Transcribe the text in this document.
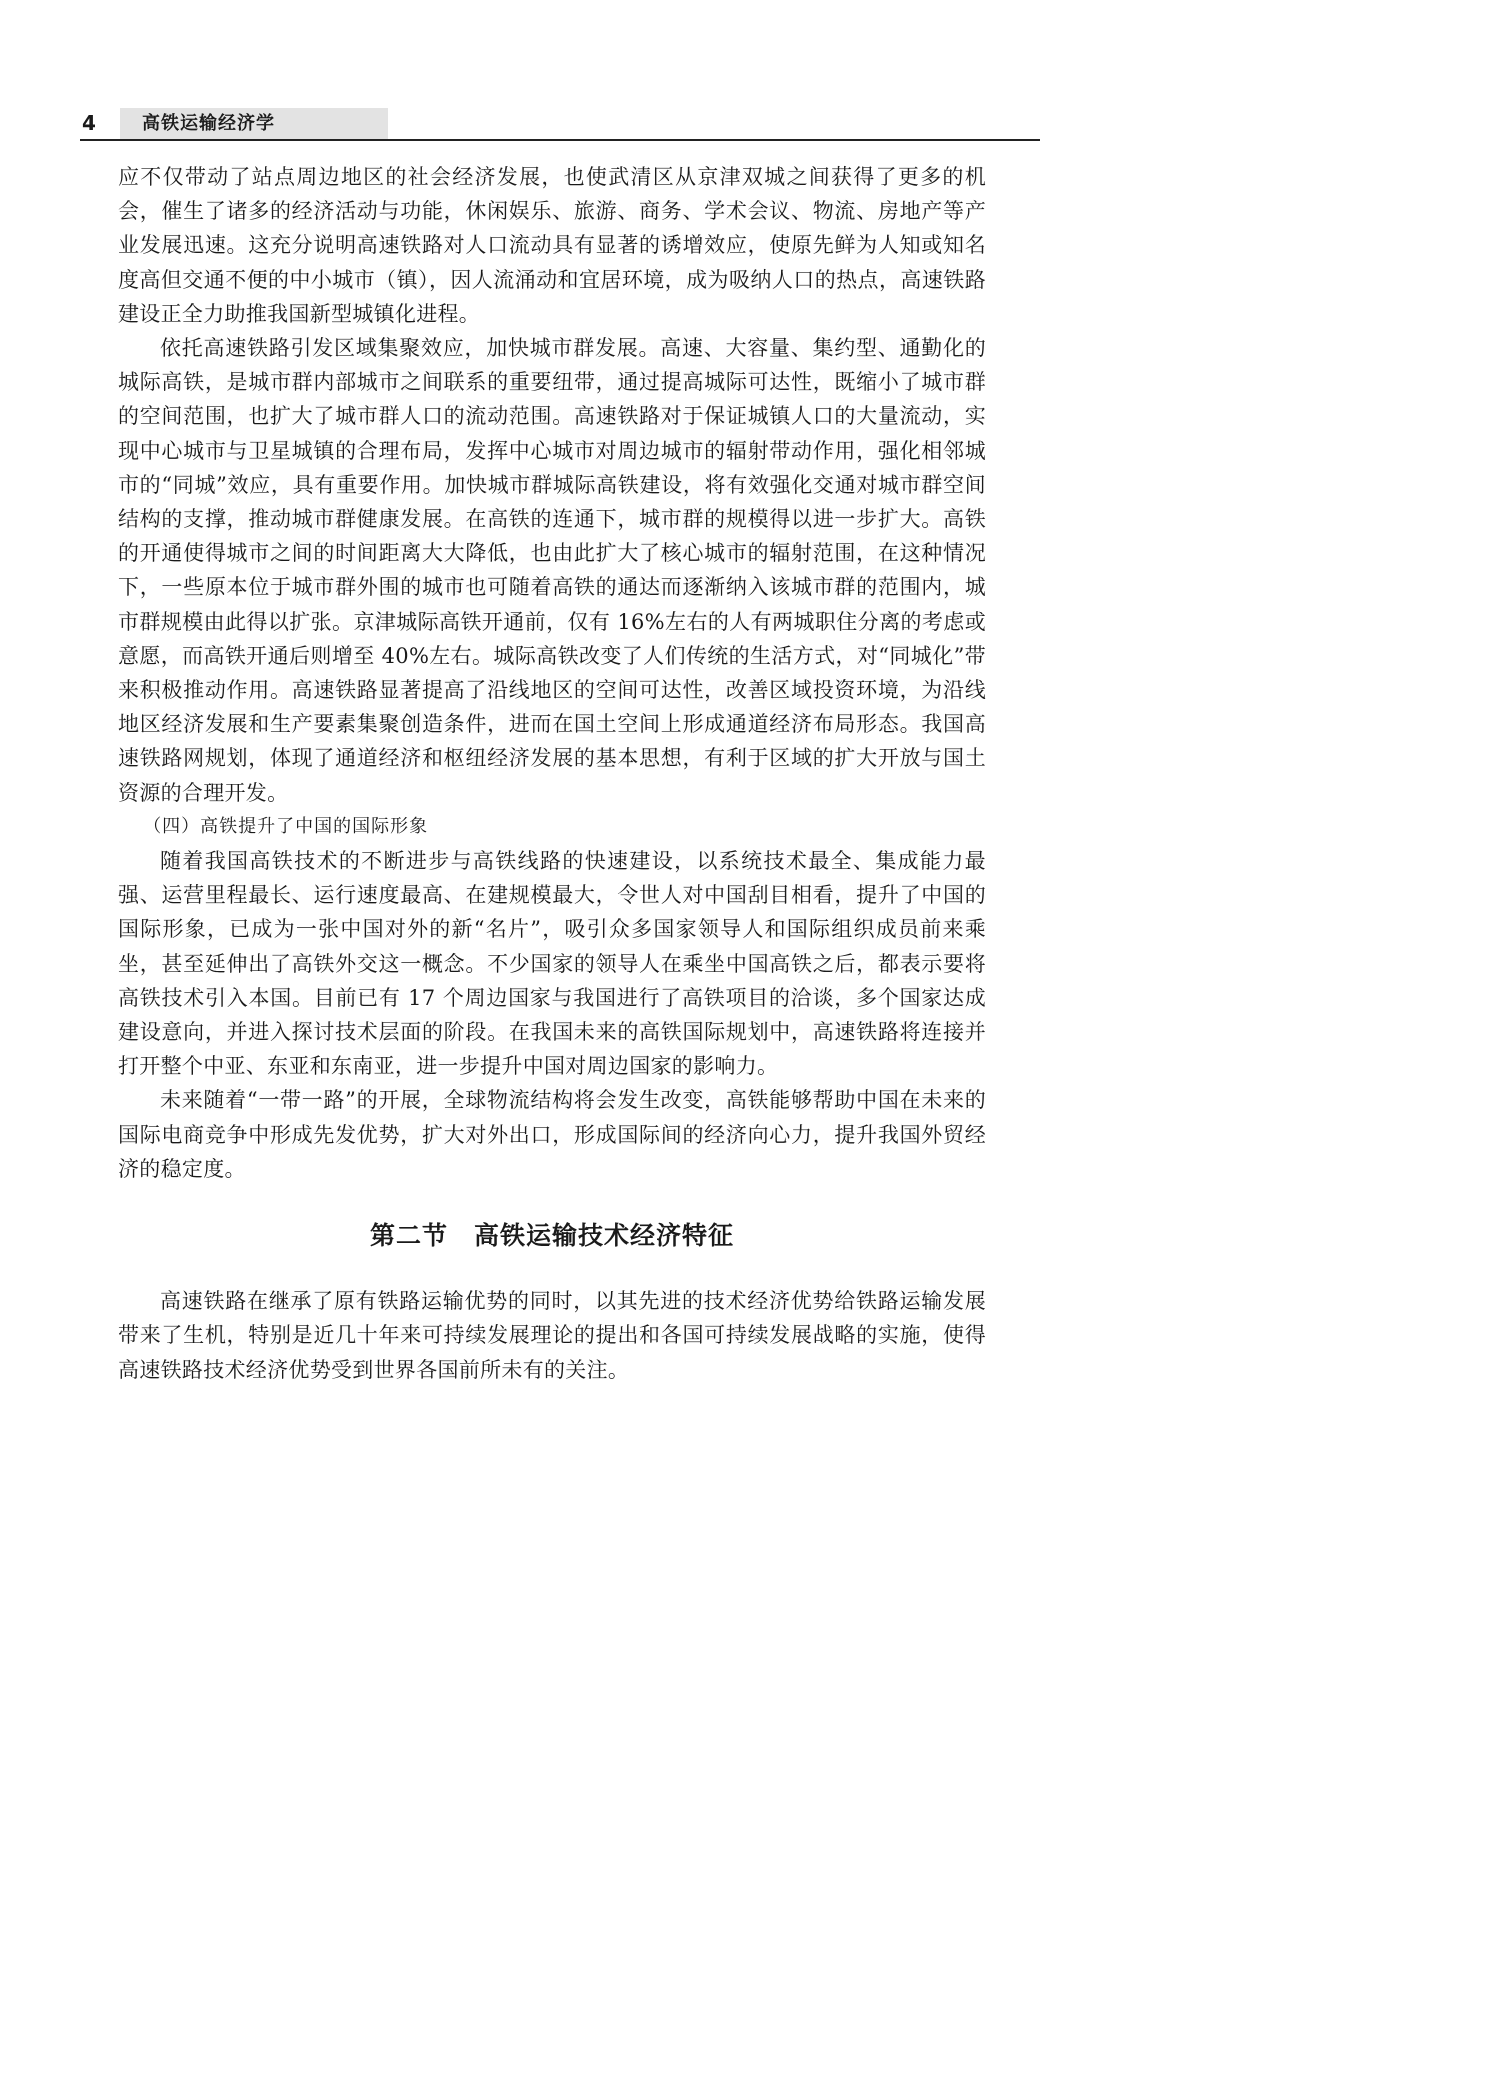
4	高铁运输经济学

应不仅带动了站点周边地区的社会经济发展，也使武清区从京津双城之间获得了更多的机会，催生了诸多的经济活动与功能，休闲娱乐、旅游、商务、学术会议、物流、房地产等产业发展迅速。这充分说明高速铁路对人口流动具有显著的诱增效应，使原先鲜为人知或知名度高但交通不便的中小城市（镇），因人流涌动和宜居环境，成为吸纳人口的热点，高速铁路建设正全力助推我国新型城镇化进程。

依托高速铁路引发区域集聚效应，加快城市群发展。高速、大容量、集约型、通勤化的城际高铁，是城市群内部城市之间联系的重要纽带，通过提高城际可达性，既缩小了城市群的空间范围，也扩大了城市群人口的流动范围。高速铁路对于保证城镇人口的大量流动，实现中心城市与卫星城镇的合理布局，发挥中心城市对周边城市的辐射带动作用，强化相邻城市的“同城”效应，具有重要作用。加快城市群城际高铁建设，将有效强化交通对城市群空间结构的支撑，推动城市群健康发展。在高铁的连通下，城市群的规模得以进一步扩大。高铁的开通使得城市之间的时间距离大大降低，也由此扩大了核心城市的辐射范围，在这种情况下，一些原本位于城市群外围的城市也可随着高铁的通达而逐渐纳入该城市群的范围内，城市群规模由此得以扩张。京津城际高铁开通前，仅有 16%左右的人有两城职住分离的考虑或意愿，而高铁开通后则增至 40%左右。城际高铁改变了人们传统的生活方式，对“同城化”带来积极推动作用。高速铁路显著提高了沿线地区的空间可达性，改善区域投资环境，为沿线地区经济发展和生产要素集聚创造条件，进而在国土空间上形成通道经济布局形态。我国高速铁路网规划，体现了通道经济和枢纽经济发展的基本思想，有利于区域的扩大开放与国土资源的合理开发。

（四）高铁提升了中国的国际形象

随着我国高铁技术的不断进步与高铁线路的快速建设，以系统技术最全、集成能力最强、运营里程最长、运行速度最高、在建规模最大，令世人对中国刮目相看，提升了中国的国际形象，已成为一张中国对外的新“名片”，吸引众多国家领导人和国际组织成员前来乘坐，甚至延伸出了高铁外交这一概念。不少国家的领导人在乘坐中国高铁之后，都表示要将高铁技术引入本国。目前已有 17 个周边国家与我国进行了高铁项目的洽谈，多个国家达成建设意向，并进入探讨技术层面的阶段。在我国未来的高铁国际规划中，高速铁路将连接并打开整个中亚、东亚和东南亚，进一步提升中国对周边国家的影响力。

未来随着“一带一路”的开展，全球物流结构将会发生改变，高铁能够帮助中国在未来的国际电商竞争中形成先发优势，扩大对外出口，形成国际间的经济向心力，提升我国外贸经济的稳定度。

第二节　高铁运输技术经济特征

高速铁路在继承了原有铁路运输优势的同时，以其先进的技术经济优势给铁路运输发展带来了生机，特别是近几十年来可持续发展理论的提出和各国可持续发展战略的实施，使得高速铁路技术经济优势受到世界各国前所未有的关注。
